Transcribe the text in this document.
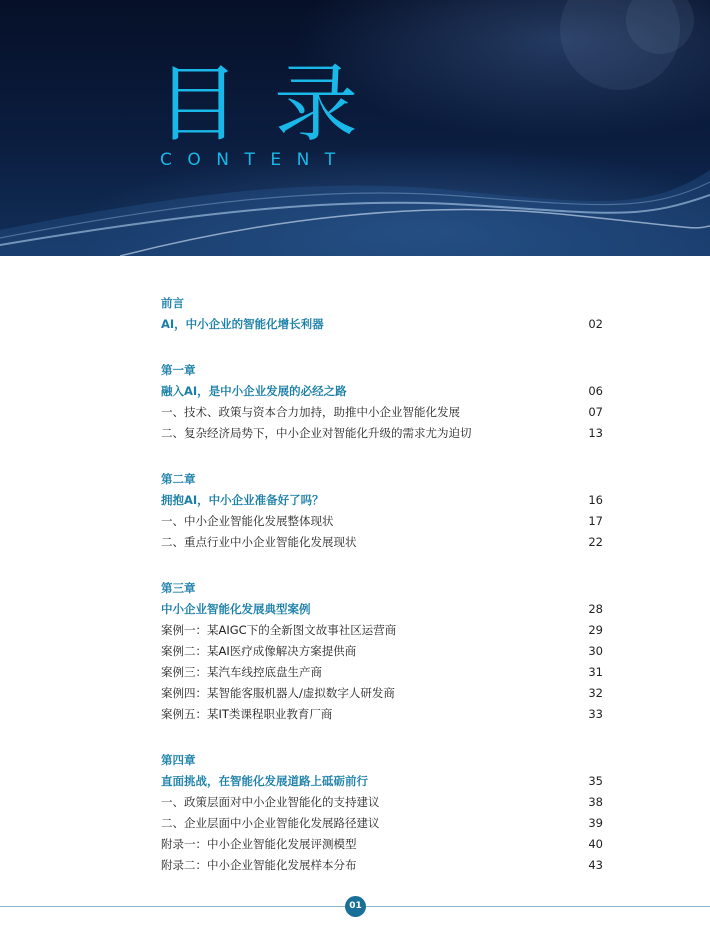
目录
CONTENT
前言
AI，中小企业的智能化增长利器	02
第一章
融入AI，是中小企业发展的必经之路	06
一、技术、政策与资本合力加持，助推中小企业智能化发展	07
二、复杂经济局势下，中小企业对智能化升级的需求尤为迫切	13
第二章
拥抱AI，中小企业准备好了吗？	16
一、中小企业智能化发展整体现状	17
二、重点行业中小企业智能化发展现状	22
第三章
中小企业智能化发展典型案例	28
案例一：某AIGC下的全新图文故事社区运营商	29
案例二：某AI医疗成像解决方案提供商	30
案例三：某汽车线控底盘生产商	31
案例四：某智能客服机器人/虚拟数字人研发商	32
案例五：某IT类课程职业教育厂商	33
第四章
直面挑战，在智能化发展道路上砥砺前行	35
一、政策层面对中小企业智能化的支持建议	38
二、企业层面中小企业智能化发展路径建议	39
附录一：中小企业智能化发展评测模型	40
附录二：中小企业智能化发展样本分布	43
01
